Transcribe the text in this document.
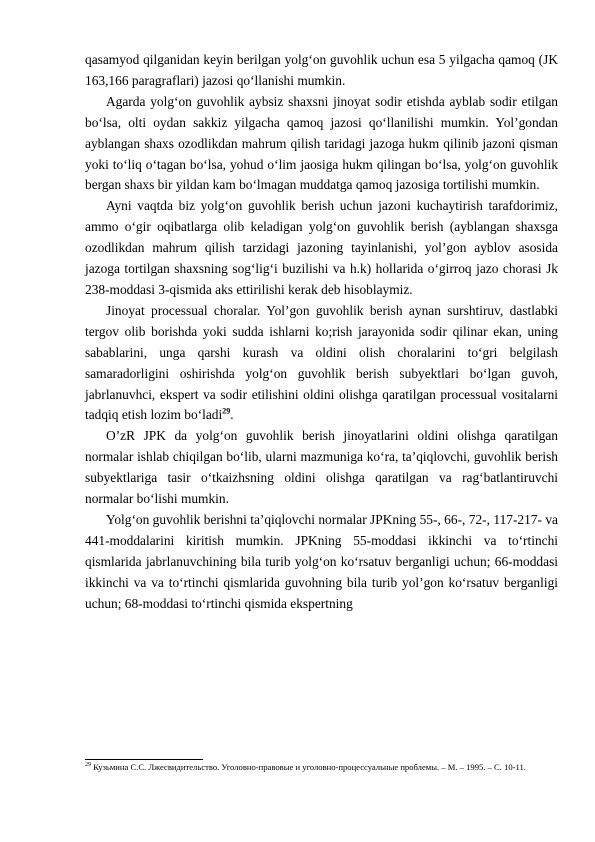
qasamyod qilganidan keyin berilgan yolg‘on guvohlik uchun esa 5 yilgacha qamoq (JK 163,166 paragraflari) jazosi qo‘llanishi mumkin.

Agarda yolg‘on guvohlik aybsiz shaxsni jinoyat sodir etishda ayblab sodir etilgan bo‘lsa, olti oydan sakkiz yilgacha qamoq jazosi qo‘llanilishi mumkin. Yol’gondan ayblangan shaxs ozodlikdan mahrum qilish taridagi jazoga hukm qilinib jazoni qisman yoki to‘liq o‘tagan bo‘lsa, yohud o‘lim jaosiga hukm qilingan bo‘lsa, yolg‘on guvohlik bergan shaxs bir yildan kam bo‘lmagan muddatga qamoq jazosiga tortilishi mumkin.

Ayni vaqtda biz yolg‘on guvohlik berish uchun jazoni kuchaytirish tarafdorimiz, ammo o‘gir oqibatlarga olib keladigan yolg‘on guvohlik berish (ayblangan shaxsga ozodlikdan mahrum qilish tarzidagi jazoning tayinlanishi, yol’gon ayblov asosida jazoga tortilgan shaxsning sog‘lig‘i buzilishi va h.k) hollarida o‘girroq jazo chorasi Jk 238-moddasi 3-qismida aks ettirilishi kerak deb hisoblaymiz.

Jinoyat processual choralar. Yol’gon guvohlik berish aynan surshtiruv, dastlabki tergov olib borishda yoki sudda ishlarni ko;rish jarayonida sodir qilinar ekan, uning sabablarini, unga qarshi kurash va oldini olish choralarini to‘gri belgilash samaradorligini oshirishda yolg‘on guvohlik berish subyektlari bo‘lgan guvoh, jabrlanuvhci, ekspert va sodir etilishini oldini olishga qaratilgan processual vositalarni tadqiq etish lozim bo‘ladi$^{29}$.

O’zR JPK da yolg‘on guvohlik berish jinoyatlarini oldini olishga qaratilgan normalar ishlab chiqilgan bo‘lib, ularni mazmuniga ko‘ra, ta’qiqlovchi, guvohlik berish subyektlariga tasir o‘tkaizhsning oldini olishga qaratilgan va rag‘batlantiruvchi normalar bo‘lishi mumkin.

Yolg‘on guvohlik berishni ta’qiqlovchi normalar JPKning 55-, 66-, 72-, 117-217- va 441-moddalarini kiritish mumkin. JPKning 55-moddasi ikkinchi va to‘rtinchi qismlarida jabrlanuvchining bila turib yolg‘on ko‘rsatuv berganligi uchun; 66-moddasi ikkinchi va va to‘rtinchi qismlarida guvohning bila turib yol’gon ko‘rsatuv berganligi uchun; 68-moddasi to‘rtinchi qismida ekspertning

$^{29}$ Кузьмина С.С. Лжесвидительство. Уголовно-правовые и уголовно-процессуальные проблемы. – М. – 1995. – С. 10-11.
